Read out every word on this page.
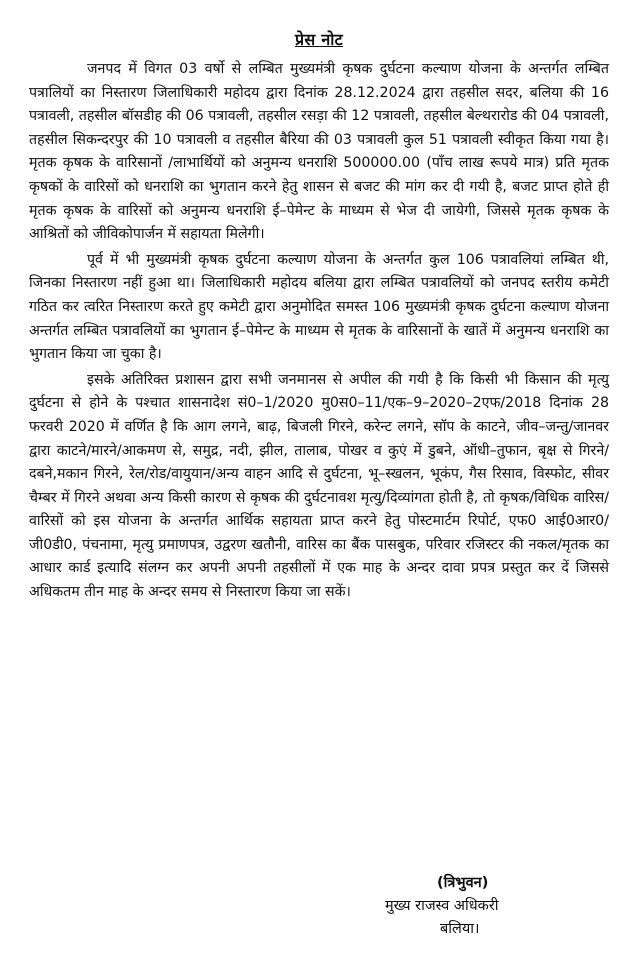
प्रेस नोट

जनपद में विगत 03 वर्षो से लम्बित मुख्यमंत्री कृषक दुर्घटना कल्याण योजना के अन्तर्गत लम्बित पत्रालियों का निस्तारण जिलाधिकारी महोदय द्वारा दिनांक 28.12.2024 द्वारा तहसील सदर, बलिया की 16 पत्रावली, तहसील बॉसडीह की 06 पत्रावली, तहसील रसड़ा की 12 पत्रावली, तहसील बेल्थरारोड की 04 पत्रावली, तहसील सिकन्दरपुर की 10 पत्रावली व तहसील बैरिया की 03 पत्रावली कुल 51 पत्रावली स्वीकृत किया गया है। मृतक कृषक के वारिसानों /लाभार्थियों को अनुमन्य धनराशि 500000.00 (पाँच लाख रूपये मात्र) प्रति मृतक कृषकों के वारिसों को धनराशि का भुगतान करने हेतु शासन से बजट की मांग कर दी गयी है, बजट प्राप्त होते ही मृतक कृषक के वारिसों को अनुमन्य धनराशि ई–पेमेन्ट के माध्यम से भेज दी जायेगी, जिससे मृतक कृषक के आश्रितों को जीविकोपार्जन में सहायता मिलेगी।

पूर्व में भी मुख्यमंत्री कृषक दुर्घटना कल्याण योजना के अन्तर्गत कुल 106 पत्रावलियां लम्बित थी, जिनका निस्तारण नहीं हुआ था। जिलाधिकारी महोदय बलिया द्वारा लम्बित पत्रावलियों को जनपद स्तरीय कमेटी गठित कर त्वरित निस्तारण करते हुए कमेटी द्वारा अनुमोदित समस्त 106 मुख्यमंत्री कृषक दुर्घटना कल्याण योजना अन्तर्गत लम्बित पत्रावलियों का भुगतान ई–पेमेन्ट के माध्यम से मृतक के वारिसानों के खातें में अनुमन्य धनराशि का भुगतान किया जा चुका है।

इसके अतिरिक्त प्रशासन द्वारा सभी जनमानस से अपील की गयी है कि किसी भी किसान की मृत्यु दुर्घटना से होने के पश्चात शासनादेश सं0–1/2020 मु0स0–11/एक–9–2020–2एफ/2018 दिनांक 28 फरवरी 2020 में वर्णित है कि आग लगने, बाढ़, बिजली गिरने, करेन्ट लगने, सॉप के काटने, जीव–जन्तु/जानवर द्वारा काटने/मारने/आकमण से, समुद्र, नदी, झील, तालाब, पोखर व कुएं में डुबने, ऑधी–तुफान, बृक्ष से गिरने/दबने,मकान गिरने, रेल/रोड/वायुयान/अन्य वाहन आदि से दुर्घटना, भू–स्खलन, भूकंप, गैस रिसाव, विस्फोट, सीवर चैम्बर में गिरने अथवा अन्य किसी कारण से कृषक की दुर्घटनावश मृत्यु/दिव्यांगता होती है, तो कृषक/विधिक वारिस/वारिसों को इस योजना के अन्तर्गत आर्थिक सहायता प्राप्त करने हेतु पोस्टमार्टम रिपोर्ट, एफ0 आई0आर0/जी0डी0, पंचनामा, मृत्यु प्रमाणपत्र, उद्वरण खतौनी, वारिस का बैंक पासबुक, परिवार रजिस्टर की नकल/मृतक का आधार कार्ड इत्यादि संलग्न कर अपनी अपनी तहसीलों में एक माह के अन्दर दावा प्रपत्र प्रस्तुत कर दें जिससे अधिकतम तीन माह के अन्दर समय से निस्तारण किया जा सकें।

(त्रिभुवन)
मुख्य राजस्व अधिकरी
बलिया।
